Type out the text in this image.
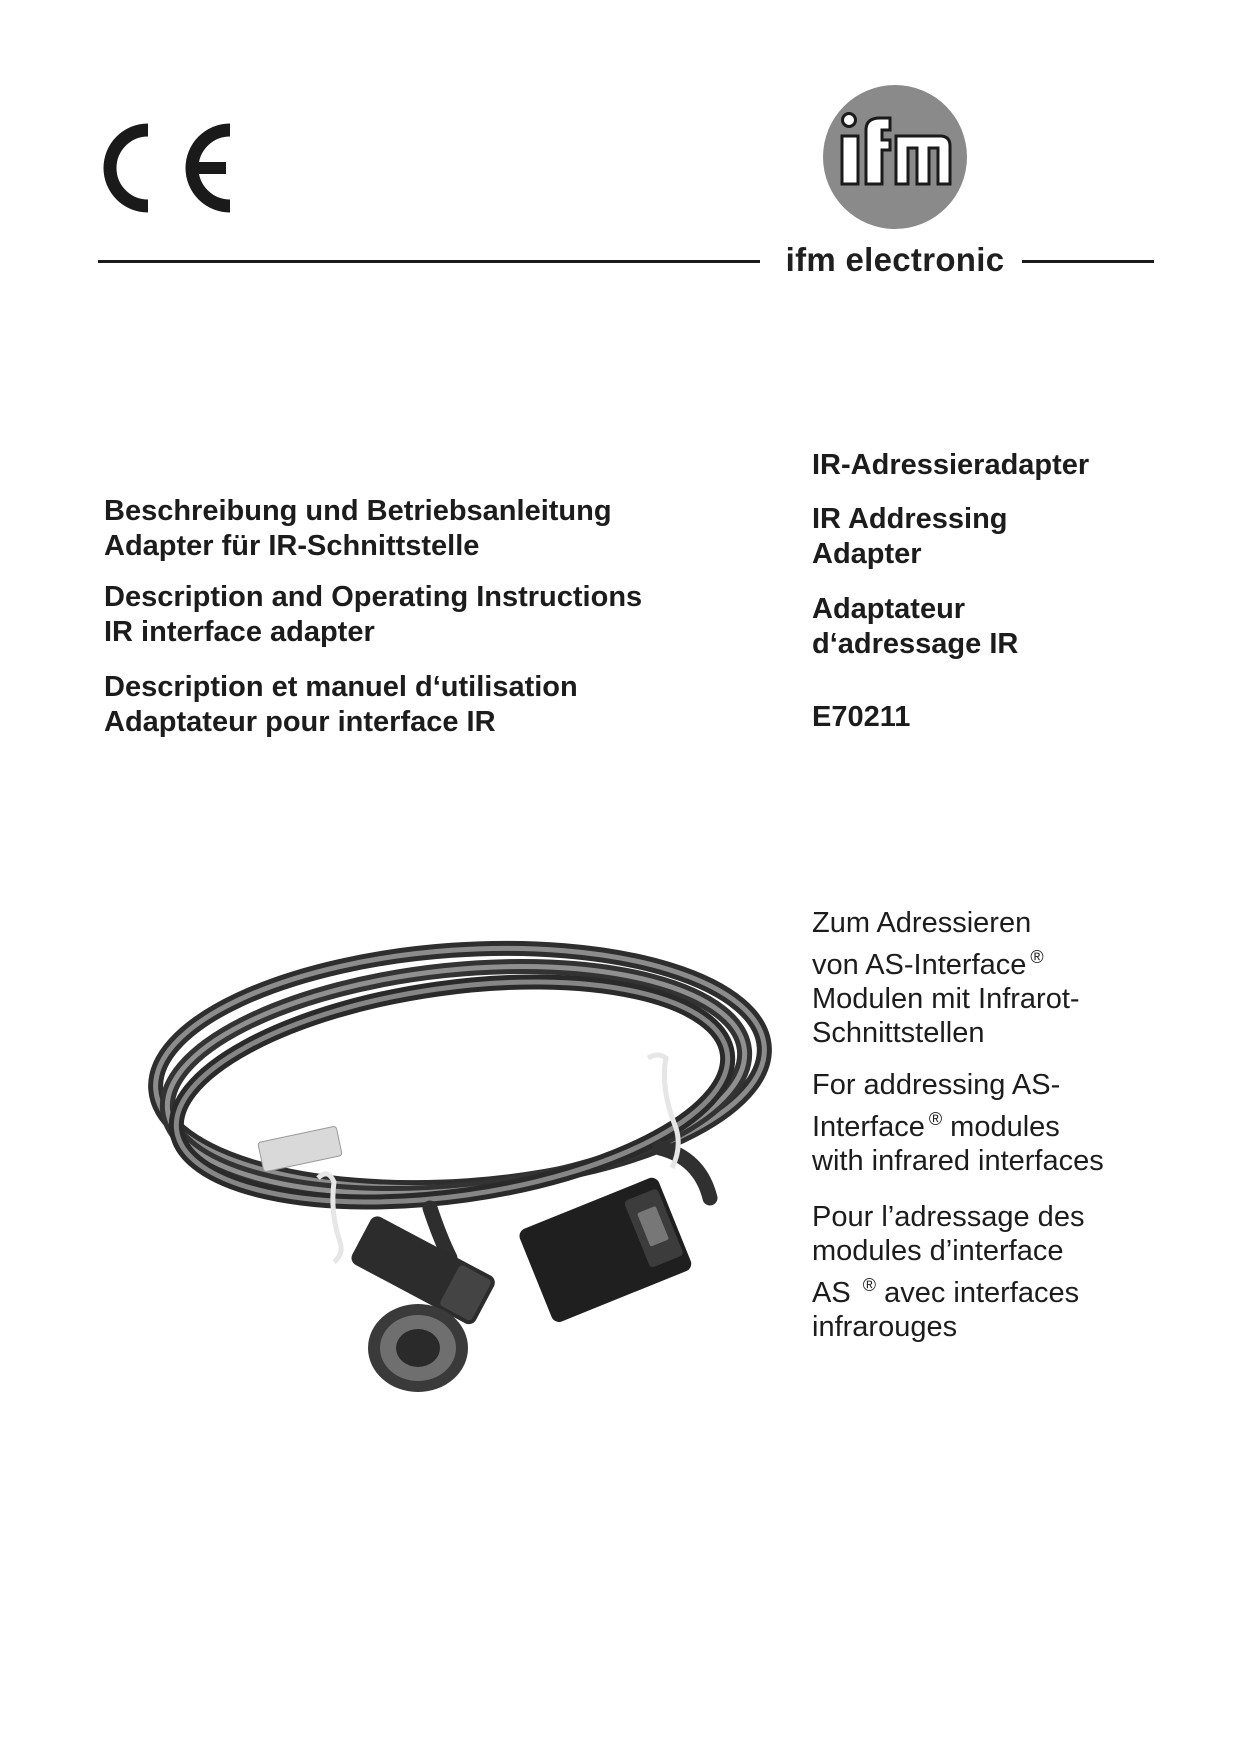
ifm electronic
Beschreibung und Betriebsanleitung
Adapter für IR-Schnittstelle
Description and Operating Instructions
IR interface adapter
Description et manuel d‘utilisation
Adaptateur pour interface IR
IR-Adressieradapter
IR Addressing
Adapter
Adaptateur
d‘adressage IR
E70211
Zum Adressieren
von AS-Interface ®
Modulen mit Infrarot-
Schnittstellen
For addressing AS-
Interface ® modules
with infrared interfaces
Pour l’adressage des
modules d’interface
AS ® avec interfaces
infrarouges
